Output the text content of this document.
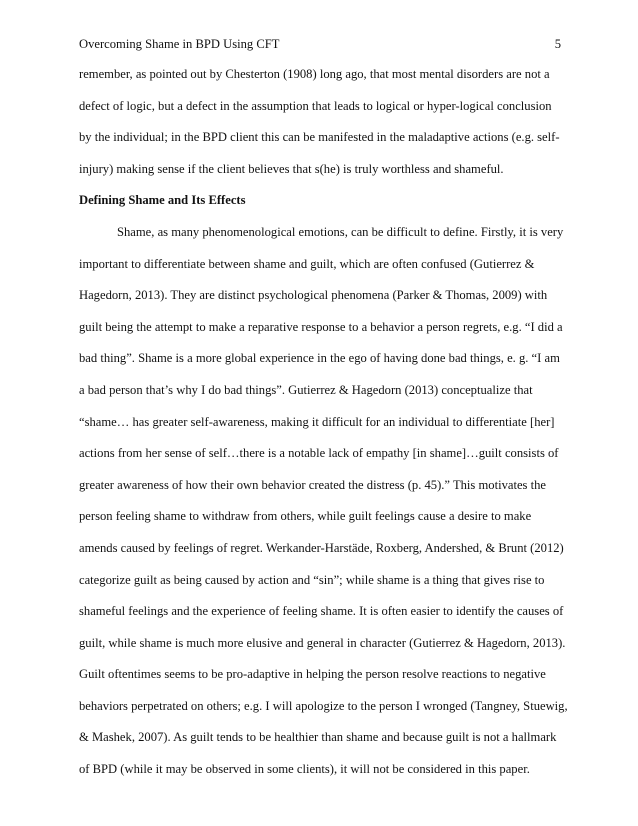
Overcoming Shame in BPD Using CFT	5
remember, as pointed out by Chesterton (1908) long ago, that most mental disorders are not a
defect of logic, but a defect in the assumption that leads to logical or hyper-logical conclusion
by the individual; in the BPD client this can be manifested in the maladaptive actions (e.g. self-
injury) making sense if the client believes that s(he) is truly worthless and shameful.
Defining Shame and Its Effects
Shame, as many phenomenological emotions, can be difficult to define. Firstly, it is very
important to differentiate between shame and guilt, which are often confused (Gutierrez &
Hagedorn, 2013). They are distinct psychological phenomena (Parker & Thomas, 2009) with
guilt being the attempt to make a reparative response to a behavior a person regrets, e.g. “I did a
bad thing”. Shame is a more global experience in the ego of having done bad things, e. g. “I am
a bad person that’s why I do bad things”. Gutierrez & Hagedorn (2013) conceptualize that
“shame… has greater self-awareness, making it difficult for an individual to differentiate [her]
actions from her sense of self…there is a notable lack of empathy [in shame]…guilt consists of
greater awareness of how their own behavior created the distress (p. 45).” This motivates the
person feeling shame to withdraw from others, while guilt feelings cause a desire to make
amends caused by feelings of regret. Werkander-Harstäde, Roxberg, Andershed, & Brunt (2012)
categorize guilt as being caused by action and “sin”; while shame is a thing that gives rise to
shameful feelings and the experience of feeling shame. It is often easier to identify the causes of
guilt, while shame is much more elusive and general in character (Gutierrez & Hagedorn, 2013).
Guilt oftentimes seems to be pro-adaptive in helping the person resolve reactions to negative
behaviors perpetrated on others; e.g. I will apologize to the person I wronged (Tangney, Stuewig,
& Mashek, 2007). As guilt tends to be healthier than shame and because guilt is not a hallmark
of BPD (while it may be observed in some clients), it will not be considered in this paper.
